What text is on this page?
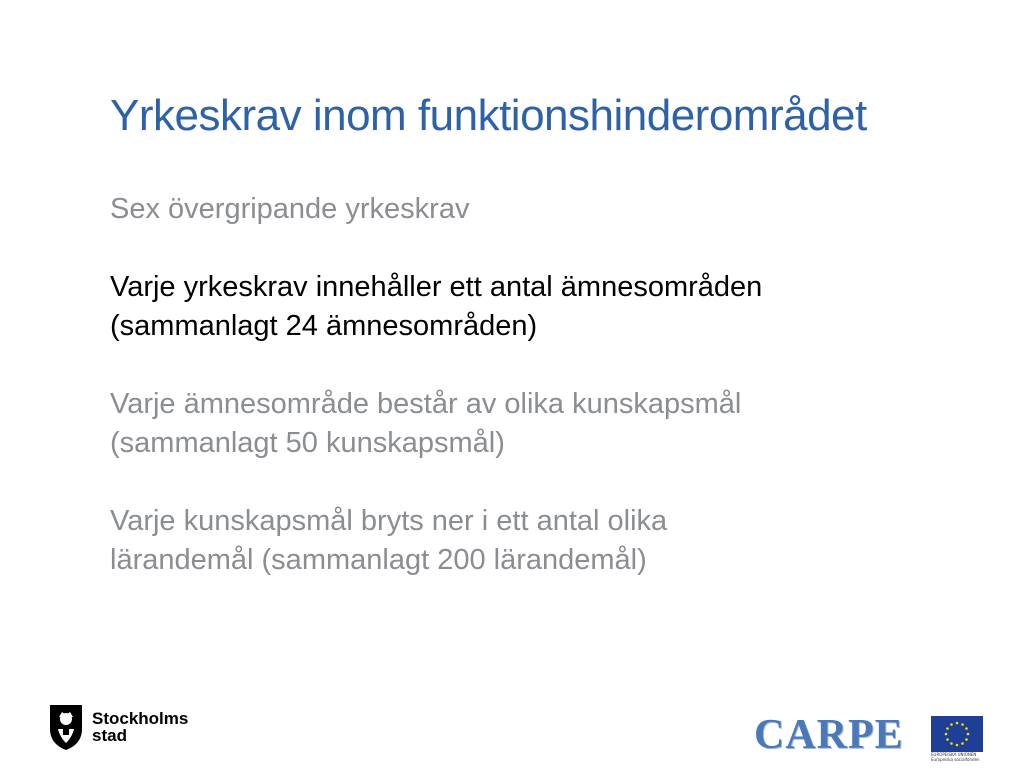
Yrkeskrav inom funktionshinderområdet

Sex övergripande yrkeskrav

Varje yrkeskrav innehåller ett antal ämnesområden
(sammanlagt 24 ämnesområden)

Varje ämnesområde består av olika kunskapsmål
(sammanlagt 50 kunskapsmål)

Varje kunskapsmål bryts ner i ett antal olika
lärandemål (sammanlagt 200 lärandemål)

Stockholms
stad	CARPE	EUROPEISKA UNIONEN
Europeiska socialfonden
